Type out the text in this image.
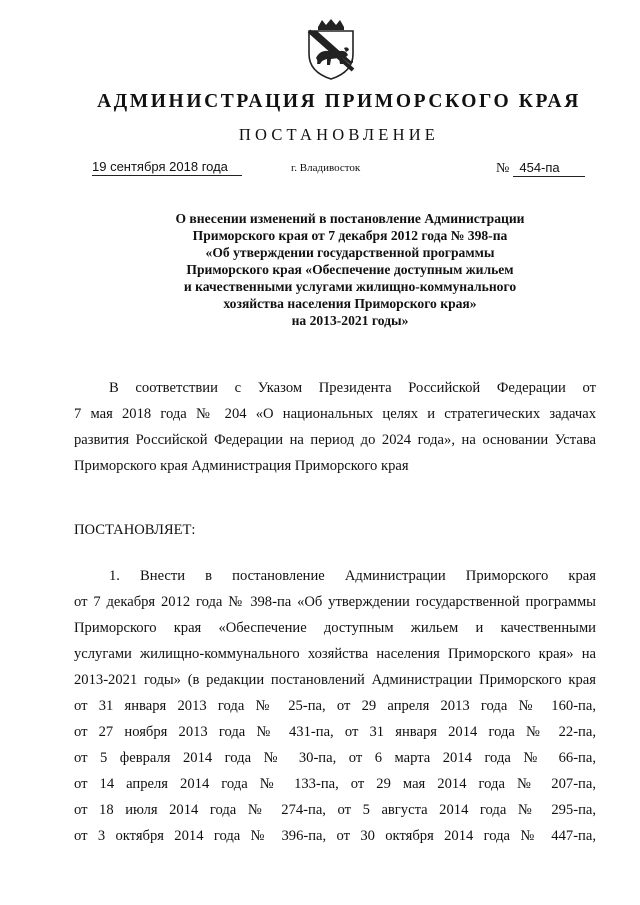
АДМИНИСТРАЦИЯ ПРИМОРСКОГО КРАЯ
ПОСТАНОВЛЕНИЕ
19 сентября 2018 года	г. Владивосток	№ 454-па
О внесении изменений в постановление Администрации
Приморского края от 7 декабря 2012 года № 398-па
«Об утверждении государственной программы
Приморского края «Обеспечение доступным жильем
и качественными услугами жилищно-коммунального
хозяйства населения Приморского края»
на 2013-2021 годы»
В соответствии с Указом Президента Российской Федерации от
7 мая 2018 года № 204 «О национальных целях и стратегических задачах
развития Российской Федерации на период до 2024 года», на основании Устава
Приморского края Администрация Приморского края
ПОСТАНОВЛЯЕТ:
1. Внести в постановление Администрации Приморского края
от 7 декабря 2012 года № 398-па «Об утверждении государственной программы
Приморского края «Обеспечение доступным жильем и качественными
услугами жилищно-коммунального хозяйства населения Приморского края» на
2013-2021 годы» (в редакции постановлений Администрации Приморского края
от 31 января 2013 года № 25-па, от 29 апреля 2013 года № 160-па,
от 27 ноября 2013 года № 431-па, от 31 января 2014 года № 22-па,
от 5 февраля 2014 года № 30-па, от 6 марта 2014 года № 66-па,
от 14 апреля 2014 года № 133-па, от 29 мая 2014 года № 207-па,
от 18 июля 2014 года № 274-па, от 5 августа 2014 года № 295-па,
от 3 октября 2014 года № 396-па, от 30 октября 2014 года № 447-па,
